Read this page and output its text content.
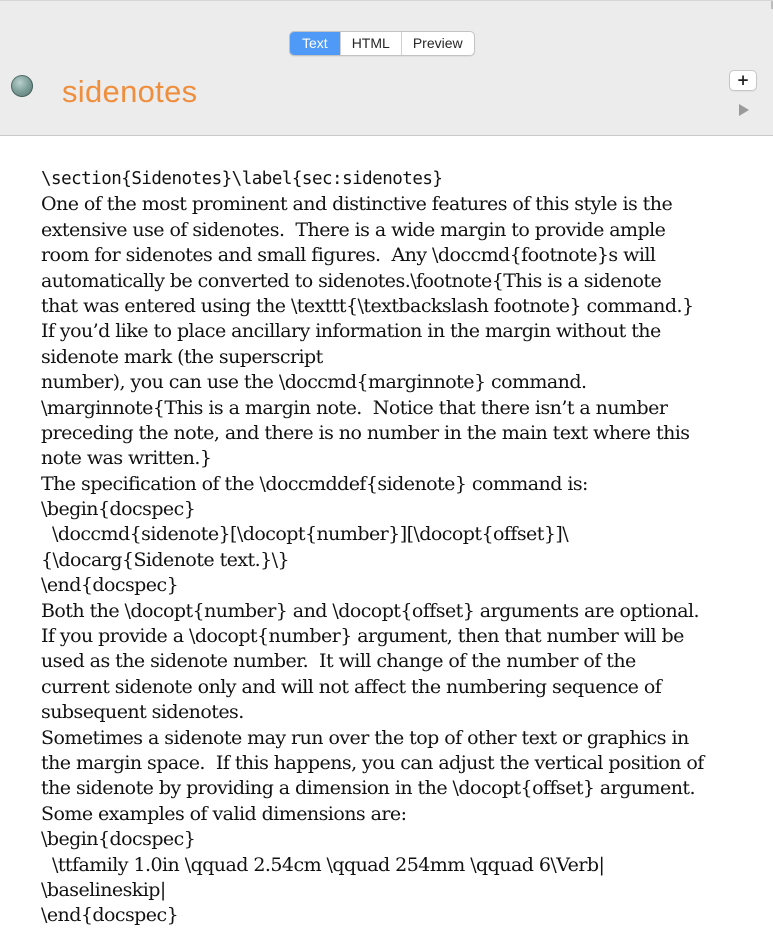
Text	HTML	Preview
sidenotes	+
\section{Sidenotes}\label{sec:sidenotes}
One of the most prominent and distinctive features of this style is the
extensive use of sidenotes.  There is a wide margin to provide ample
room for sidenotes and small figures.  Any \doccmd{footnote}s will
automatically be converted to sidenotes.\footnote{This is a sidenote
that was entered using the \texttt{\textbackslash footnote} command.}
If you’d like to place ancillary information in the margin without the
sidenote mark (the superscript
number), you can use the \doccmd{marginnote} command.
\marginnote{This is a margin note.  Notice that there isn’t a number
preceding the note, and there is no number in the main text where this
note was written.}
The specification of the \doccmddef{sidenote} command is:
\begin{docspec}
\doccmd{sidenote}[\docopt{number}][\docopt{offset}]\
{\docarg{Sidenote text.}\}
\end{docspec}
Both the \docopt{number} and \docopt{offset} arguments are optional.
If you provide a \docopt{number} argument, then that number will be
used as the sidenote number.  It will change of the number of the
current sidenote only and will not affect the numbering sequence of
subsequent sidenotes.
Sometimes a sidenote may run over the top of other text or graphics in
the margin space.  If this happens, you can adjust the vertical position of
the sidenote by providing a dimension in the \docopt{offset} argument.
Some examples of valid dimensions are:
\begin{docspec}
\ttfamily 1.0in \qquad 2.54cm \qquad 254mm \qquad 6\Verb|
\baselineskip|
\end{docspec}
